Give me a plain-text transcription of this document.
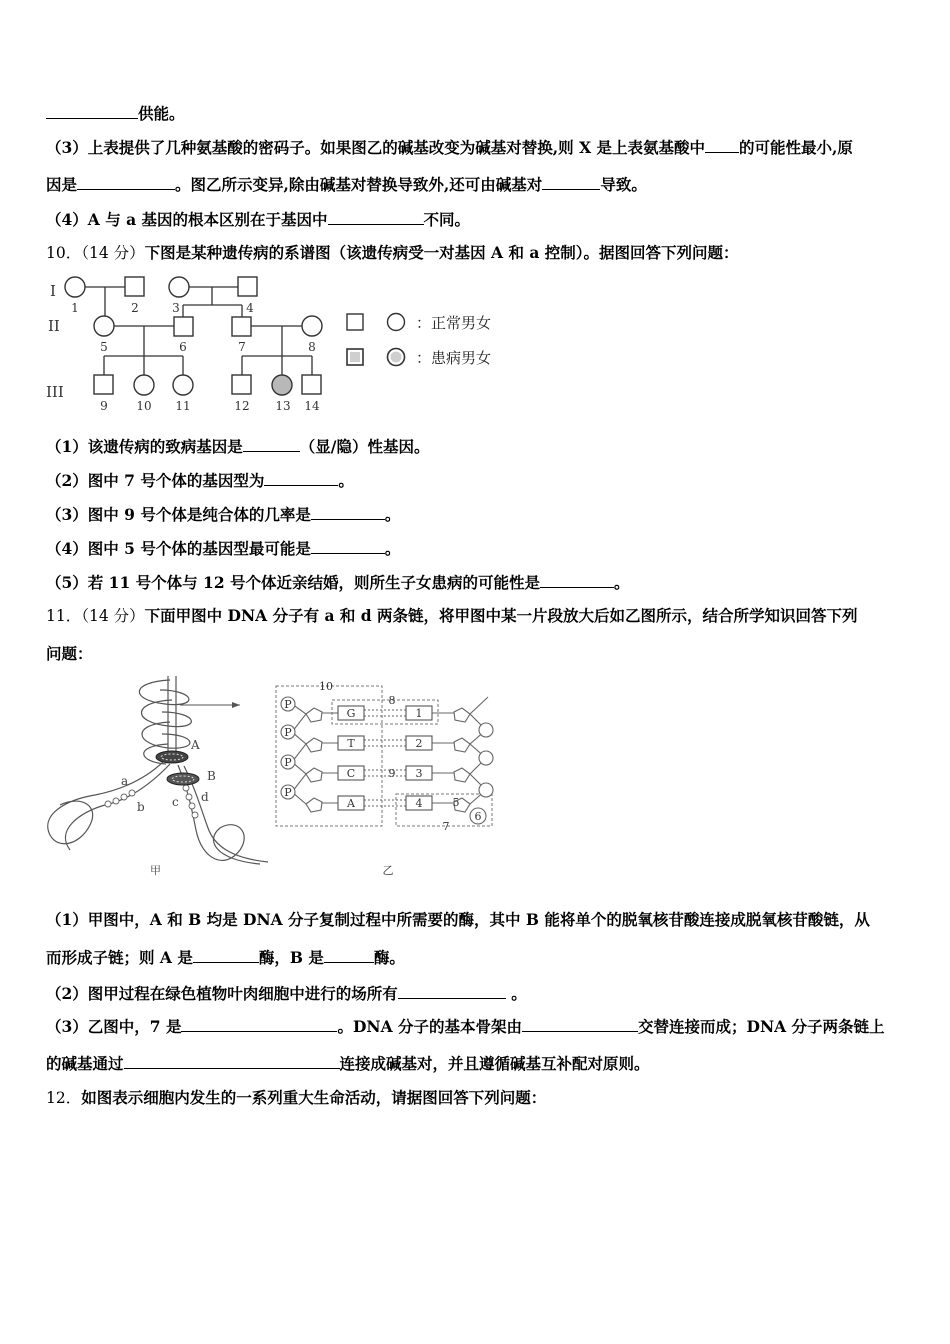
供能。
（3）上表提供了几种氨基酸的密码子。如果图乙的碱基改变为碱基对替换,则 X 是上表氨基酸中 的可能性最小,原
因是	。图乙所示变异,除由碱基对替换导致外,还可由碱基对	导致。
（4）A 与 a 基因的根本区别在于基因中	不同。
10．（14 分）下图是某种遗传病的系谱图（该遗传病受一对基因 A 和 a 控制）。据图回答下列问题：
I
II
III
1	2	3	4
5	6	7	8
9 10 11	12 13 14
：正常男女
：患病男女
（1）该遗传病的致病基因是	（显/隐）性基因。
（2）图中 7 号个体的基因型为	。
（3）图中 9 号个体是纯合体的几率是	。
（4）图中 5 号个体的基因型最可能是	。
（5）若 11 号个体与 12 号个体近亲结婚，则所生子女患病的可能性是	。
11．（14 分）下面甲图中 DNA 分子有 a 和 d 两条链，将甲图中某一片段放大后如乙图所示，结合所学知识回答下列
问题：
A
B
a
b c d
甲
P
P
P
P
G
T
C
A
1
2
3
4
10
8
9
5
6
7
乙
（1）甲图中，A 和 B 均是 DNA 分子复制过程中所需要的酶，其中 B 能将单个的脱氧核苷酸连接成脱氧核苷酸链，从
而形成子链；则 A 是	酶，B 是	酶。
（2）图甲过程在绿色植物叶肉细胞中进行的场所有	。
（3）乙图中，7 是	。DNA 分子的基本骨架由	交替连接而成；DNA 分子两条链上
的碱基通过	连接成碱基对，并且遵循碱基互补配对原则。
12．如图表示细胞内发生的一系列重大生命活动，请据图回答下列问题：
